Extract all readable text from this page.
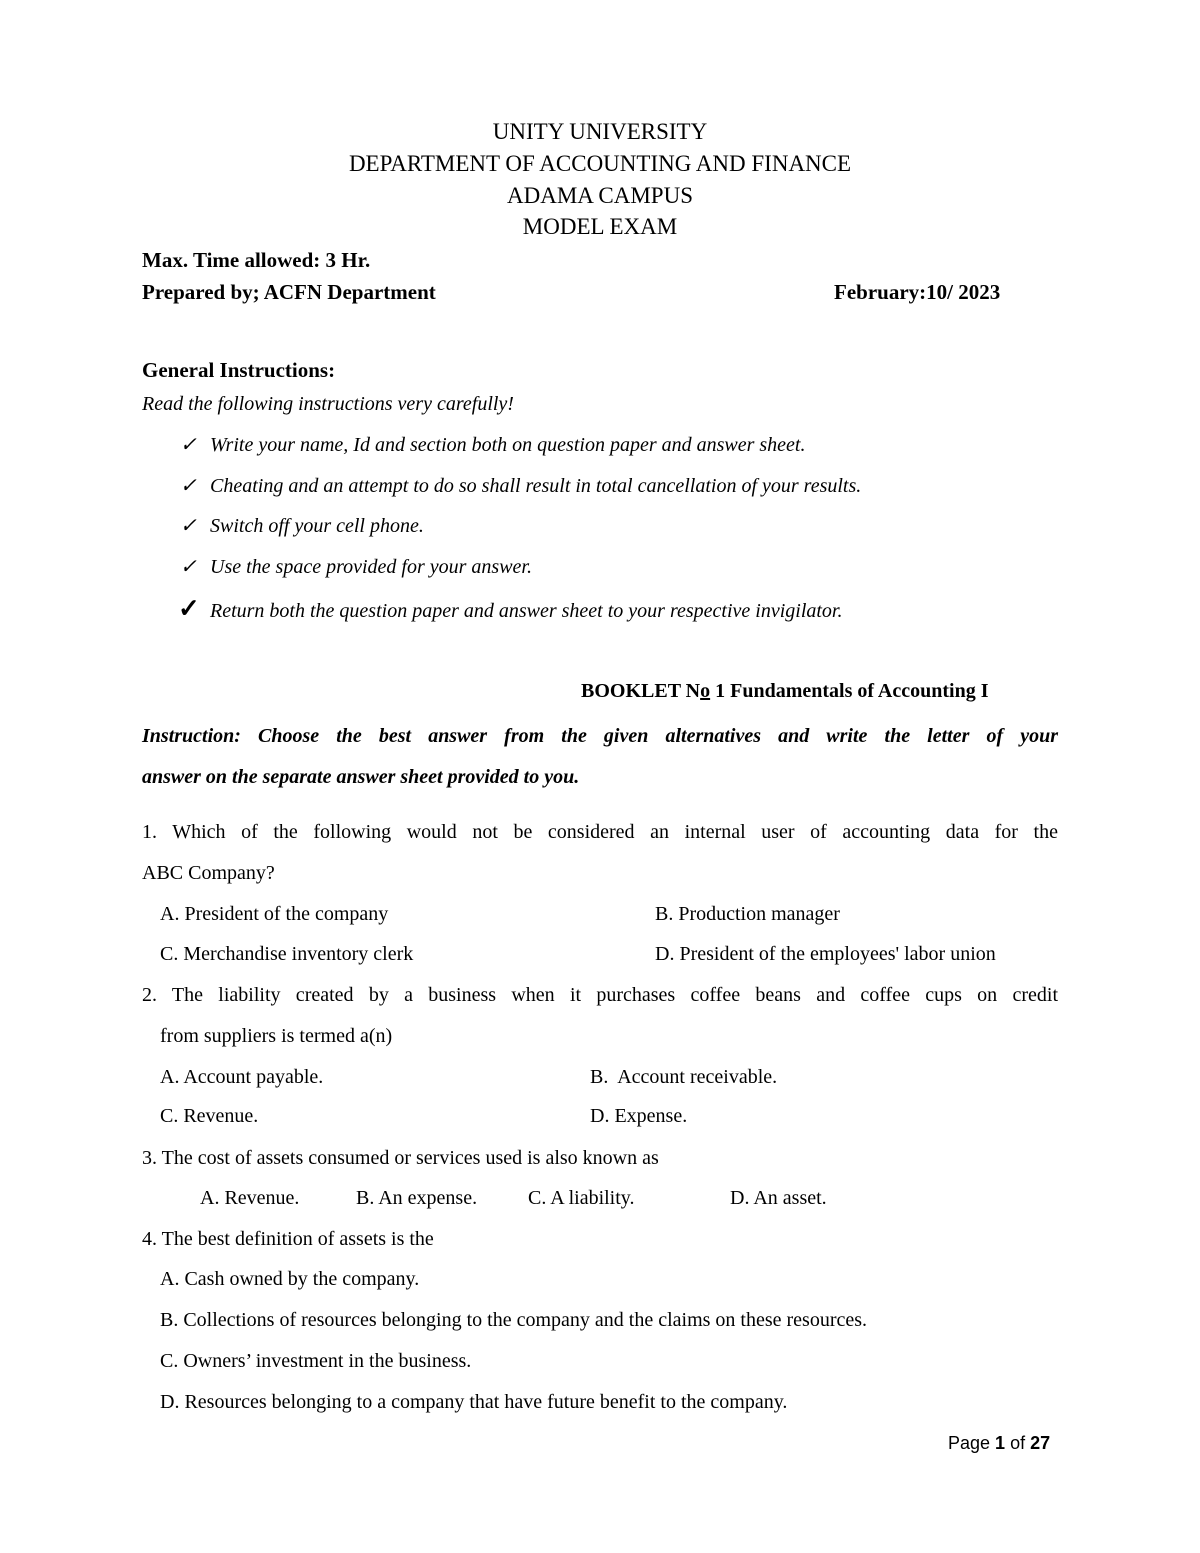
UNITY UNIVERSITY
DEPARTMENT OF ACCOUNTING AND FINANCE
ADAMA CAMPUS
MODEL EXAM
Max. Time allowed: 3 Hr.
Prepared by; ACFN Department	February:10/ 2023
General Instructions:
Read the following instructions very carefully!
✓ Write your name, Id and section both on question paper and answer sheet.
✓ Cheating and an attempt to do so shall result in total cancellation of your results.
✓ Switch off your cell phone.
✓ Use the space provided for your answer.
✓ Return both the question paper and answer sheet to your respective invigilator.
BOOKLET No 1 Fundamentals of Accounting I
Instruction: Choose the best answer from the given alternatives and write the letter of your
answer on the separate answer sheet provided to you.
1. Which of the following would not be considered an internal user of accounting data for the
ABC Company?
A. President of the company	B. Production manager
C. Merchandise inventory clerk	D. President of the employees' labor union
2. The liability created by a business when it purchases coffee beans and coffee cups on credit
from suppliers is termed a(n)
A. Account payable.	B.  Account receivable.
C. Revenue.	D. Expense.
3. The cost of assets consumed or services used is also known as
A. Revenue.	B. An expense.	C. A liability.	D. An asset.
4. The best definition of assets is the
A. Cash owned by the company.
B. Collections of resources belonging to the company and the claims on these resources.
C. Owners’ investment in the business.
D. Resources belonging to a company that have future benefit to the company.
Page 1 of 27
